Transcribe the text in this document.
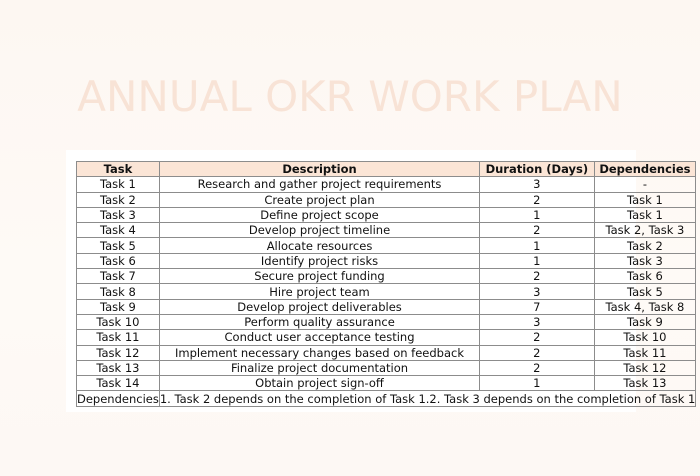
ANNUAL OKR WORK PLAN
Task	Description	Duration (Days)	Dependencies
Task 1	Research and gather project requirements	3	-
Task 2	Create project plan	2	Task 1
Task 3	Define project scope	1	Task 1
Task 4	Develop project timeline	2	Task 2, Task 3
Task 5	Allocate resources	1	Task 2
Task 6	Identify project risks	1	Task 3
Task 7	Secure project funding	2	Task 6
Task 8	Hire project team	3	Task 5
Task 9	Develop project deliverables	7	Task 4, Task 8
Task 10	Perform quality assurance	3	Task 9
Task 11	Conduct user acceptance testing	2	Task 10
Task 12	Implement necessary changes based on feedback	2	Task 11
Task 13	Finalize project documentation	2	Task 12
Task 14	Obtain project sign-off	1	Task 13
Dependencies	1. Task 2 depends on the completion of Task 1.2. Task 3 depends on the completion of Task 1		
